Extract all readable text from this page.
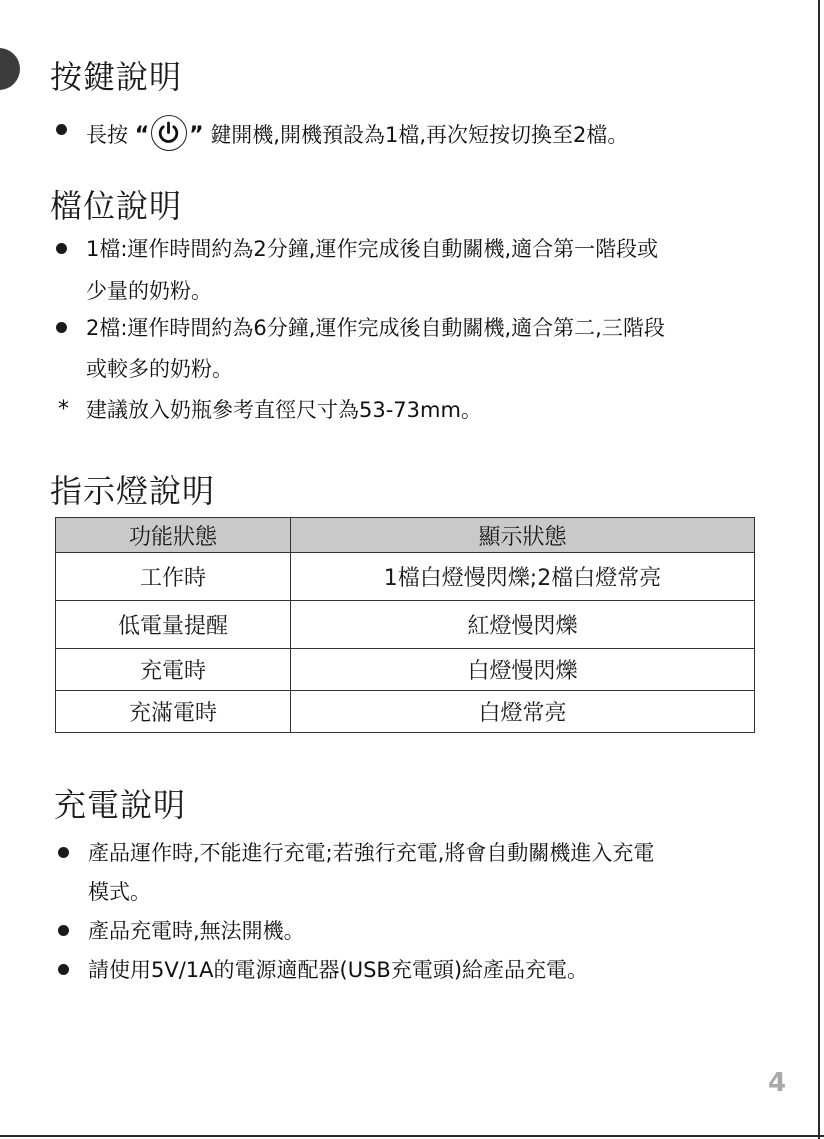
按鍵說明
長按 “ ” 鍵開機,開機預設為1檔,再次短按切換至2檔。
檔位說明
1檔:運作時間約為2分鐘,運作完成後自動關機,適合第一階段或
少量的奶粉。
2檔:運作時間約為6分鐘,運作完成後自動關機,適合第二,三階段
或較多的奶粉。
* 建議放入奶瓶參考直徑尺寸為53-73mm。
指示燈說明
功能狀態	顯示狀態
工作時	1檔白燈慢閃爍;2檔白燈常亮
低電量提醒	紅燈慢閃爍
充電時	白燈慢閃爍
充滿電時	白燈常亮
充電說明
產品運作時,不能進行充電;若強行充電,將會自動關機進入充電
模式。
產品充電時,無法開機。
請使用5V/1A的電源適配器(USB充電頭)給產品充電。
4
